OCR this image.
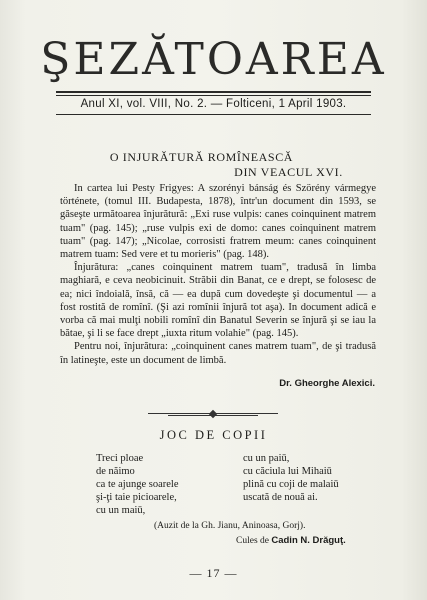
ŞEZĂTOAREA
Anul XI, vol. VIII, No. 2. — Folticeni, 1 April 1903.
O INJURĂTURĂ ROMÎNEASCĂ
DIN VEACUL XVI.

In cartea lui Pesty Frigyes: A szorényi bánság és Szörény vármegye története, (tomul III. Budapesta, 1878), într'un document din 1593, se găseşte următoarea înjurătură: „Exi ruse vulpis: canes coinquinent matrem tuam" (pag. 145); „ruse vulpis exi de domo: canes coinquinent matrem tuam" (pag. 147); „Nicolae, corrosisti fratrem meum: canes coinquinent matrem tuam: Sed vere et tu morieris" (pag. 148).

Înjurătura: „canes coinquinent matrem tuam", tradusă în limba maghiară, e ceva neobicinuit. Străbii din Banat, ce e drept, se folosesc de ea; nici îndoială, însă, că — ea după cum dovedeşte şi documentul — a fost rostită de romînî. (Şi azi romînii înjură tot aşa). In document adică e vorba că mai mulţi nobili romînî din Banatul Severin se înjură şi se iau la bătae, şi li se face drept „iuxta ritum volahie" (pag. 145).

Pentru noi, înjurătura: „coinquinent canes matrem tuam", de şi tradusă în latineşte, este un document de limbă.

Dr. Gheorghe Alexici.
JOC DE COPII
Treci ploae
de năimo
ca te ajunge soarele
şi-ţi taie picioarele,
cu un maiū,
cu un paiū,
cu căciula lui Mihaiū
plină cu coji de malaiū
uscată de nouă ai.
(Auzit de la Gh. Jianu, Aninoasa, Gorj).
Cules de Cadin N. Drăguţ.
— 17 —
